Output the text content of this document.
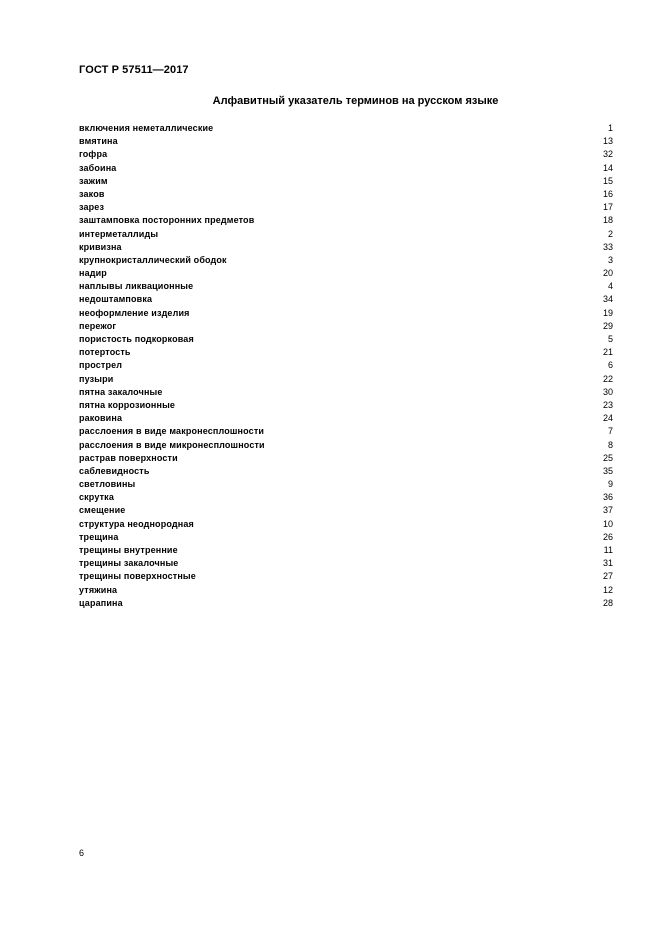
ГОСТ Р 57511—2017
Алфавитный указатель терминов на русском языке
включения неметаллические	1
вмятина	13
гофра	32
забоина	14
зажим	15
заков	16
зарез	17
заштамповка посторонних предметов	18
интерметаллиды	2
кривизна	33
крупнокристаллический ободок	3
надир	20
наплывы ликвационные	4
недоштамповка	34
неоформление изделия	19
пережог	29
пористость подкорковая	5
потертость	21
прострел	6
пузыри	22
пятна закалочные	30
пятна коррозионные	23
раковина	24
расслоения в виде макронесплошности	7
расслоения в виде микронесплошности	8
растрав поверхности	25
саблевидность	35
светловины	9
скрутка	36
смещение	37
структура неоднородная	10
трещина	26
трещины внутренние	11
трещины закалочные	31
трещины поверхностные	27
утяжина	12
царапина	28
6
